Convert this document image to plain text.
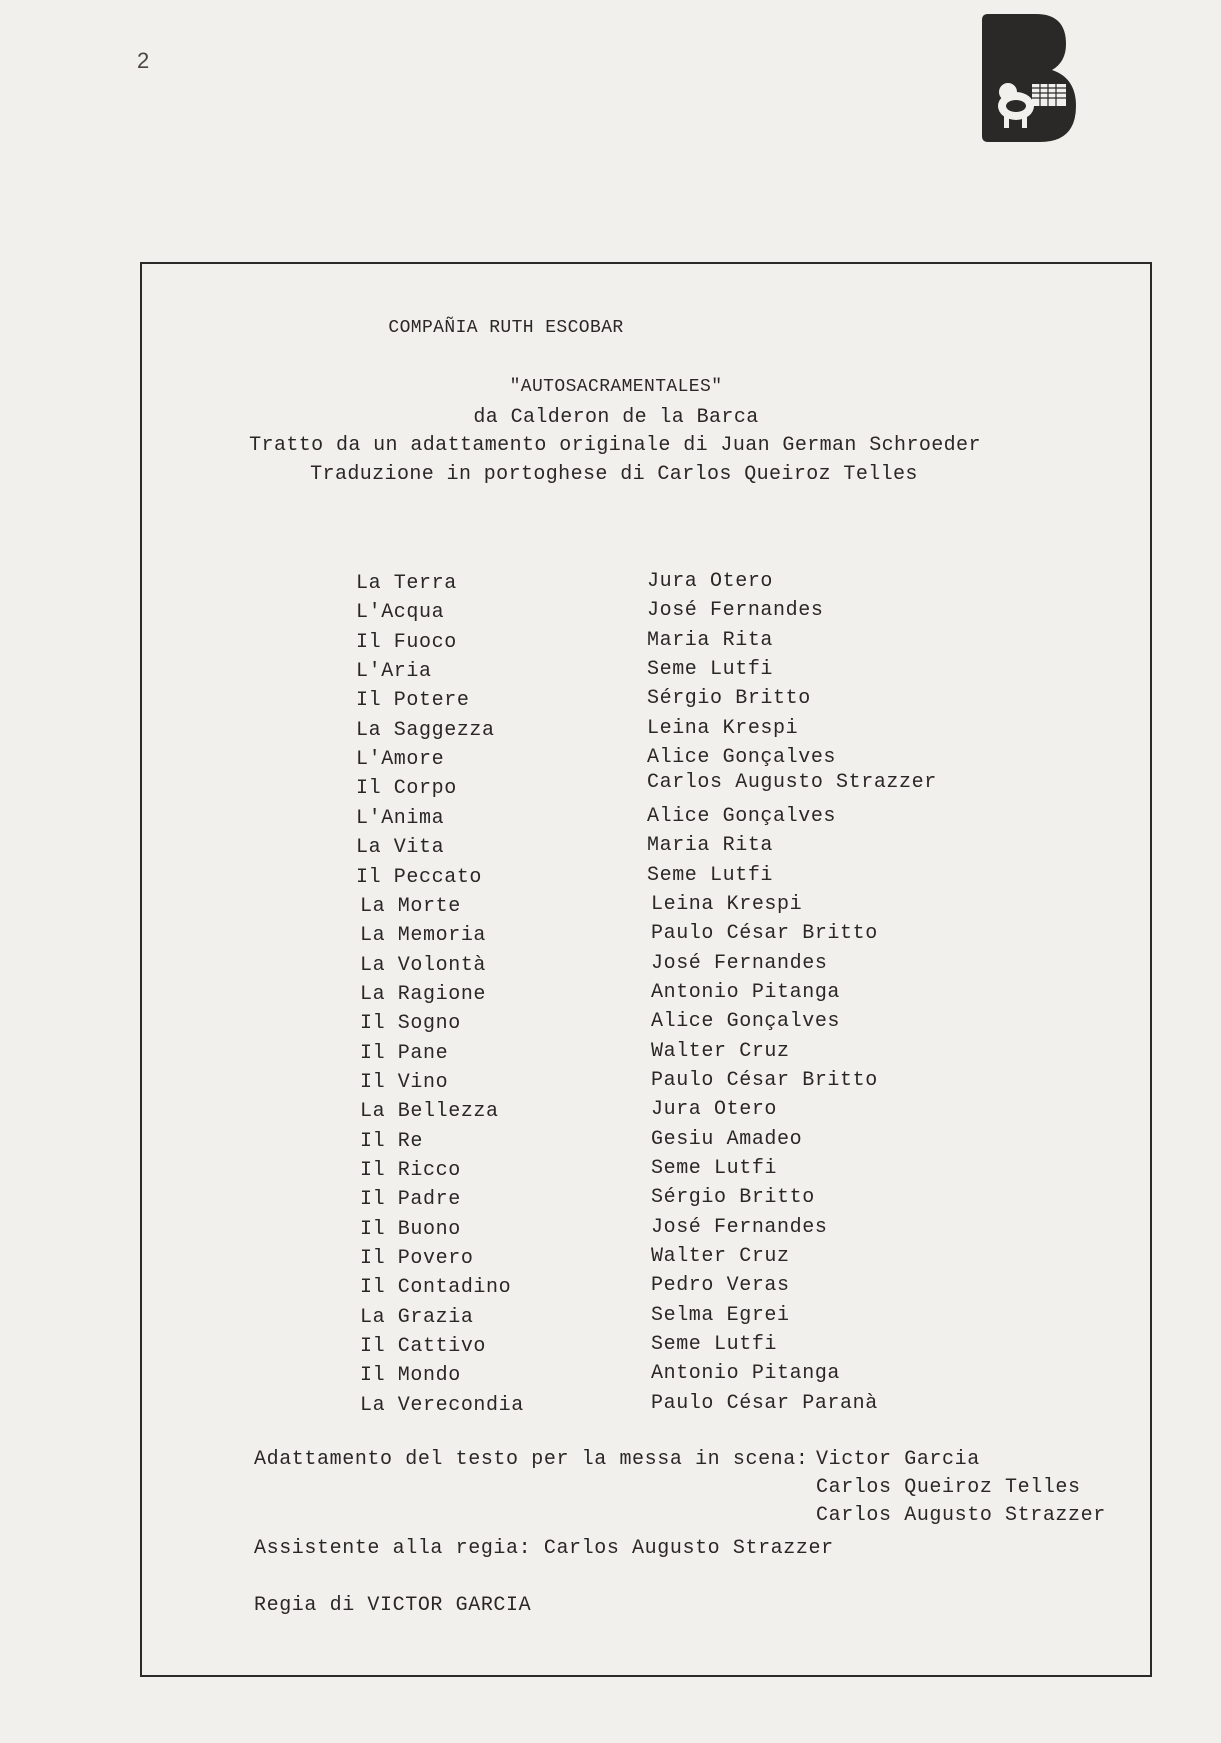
2
COMPAÑIA RUTH ESCOBAR
"AUTOSACRAMENTALES"
da Calderon de la Barca
Tratto da un adattamento originale di Juan German Schroeder
Traduzione in portoghese di Carlos Queiroz Telles
La Terra	Jura Otero
L'Acqua	José Fernandes
Il Fuoco	Maria Rita
L'Aria	Seme Lutfi
Il Potere	Sérgio Britto
La Saggezza	Leina Krespi
L'Amore	Alice Gonçalves
Il Corpo	Carlos Augusto Strazzer
L'Anima	Alice Gonçalves
La Vita	Maria Rita
Il Peccato	Seme Lutfi
La Morte	Leina Krespi
La Memoria	Paulo César Britto
La Volontà	José Fernandes
La Ragione	Antonio Pitanga
Il Sogno	Alice Gonçalves
Il Pane	Walter Cruz
Il Vino	Paulo César Britto
La Bellezza	Jura Otero
Il Re	Gesiu Amadeo
Il Ricco	Seme Lutfi
Il Padre	Sérgio Britto
Il Buono	José Fernandes
Il Povero	Walter Cruz
Il Contadino	Pedro Veras
La Grazia	Selma Egrei
Il Cattivo	Seme Lutfi
Il Mondo	Antonio Pitanga
La Verecondia	Paulo César Paranà
Adattamento del testo per la messa in scena: Victor Garcia
Carlos Queiroz Telles
Carlos Augusto Strazzer
Assistente alla regia: Carlos Augusto Strazzer
Regia di VICTOR GARCIA
